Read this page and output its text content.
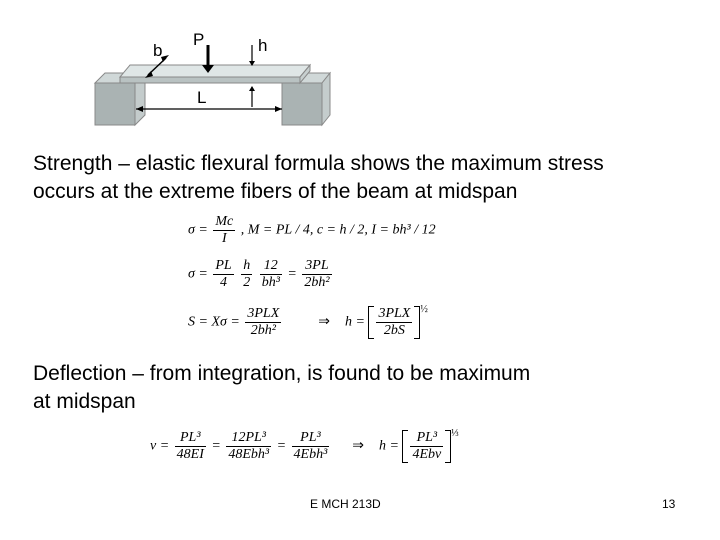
b
P	h
L
Strength – elastic flexural formula shows the maximum stress
occurs at the extreme fibers of the beam at midspan
$\sigma = \frac{Mc}{I}$ , M = PL / 4, c = h / 2, I = bh³ / 12
$\sigma = \frac{PL}{4}$
$\frac{h}{2}$
$\frac{12}{\text{bh³}} = \frac{3PL}{\text{2bh²}}$
$S = X\sigma = \frac{\text{3PLX}}{\text{2bh²}}$	⇒ $h = \frac{\text{3PLX}}{2bS} ^{\frac{1}{2}}$
Deflection – from integration, is found to be maximum
at midspan
$v = \frac{\text{PL³}}{48EI} = \frac{\text{12PL³}}{\text{48Ebh³}} = \frac{\text{PL³}}{\text{4Ebh³}}$ ⇒ $h = \frac{\text{PL³}}{\text{4Ebv}} ^{\frac{1}{3}}$
E MCH 213D	13
